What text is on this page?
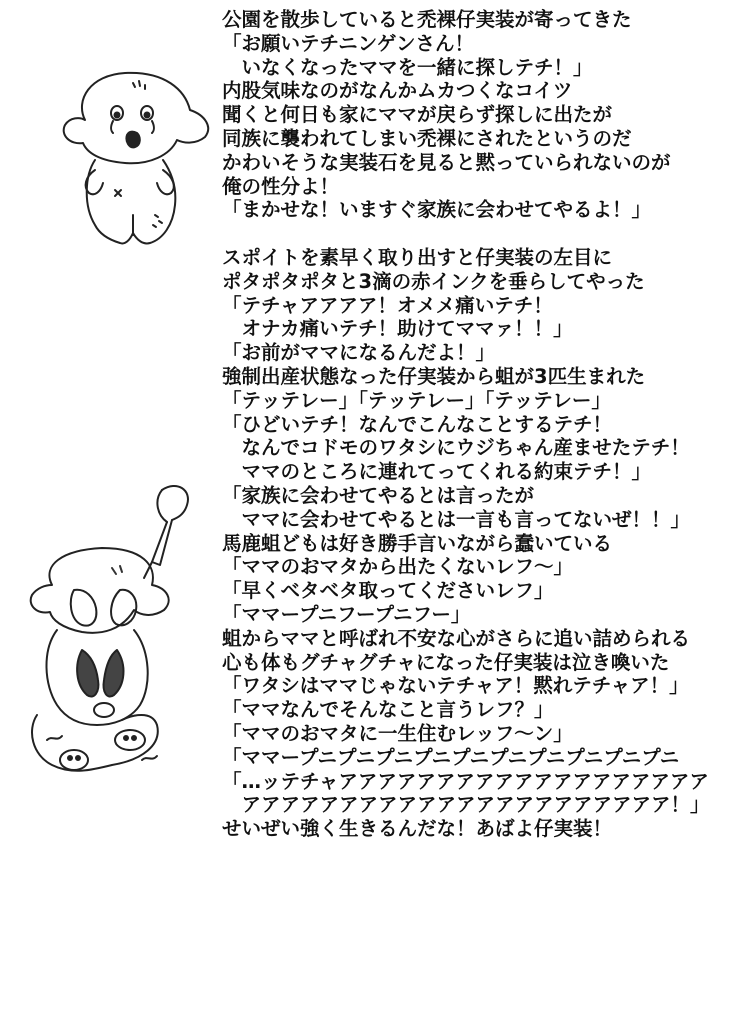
公園を散歩していると禿裸仔実装が寄ってきた
「お願いテチニンゲンさん！
　いなくなったママを一緒に探しテチ！」
内股気味なのがなんかムカつくなコイツ
聞くと何日も家にママが戻らず探しに出たが
同族に襲われてしまい禿裸にされたというのだ
かわいそうな実装石を見ると黙っていられないのが
俺の性分よ！
「まかせな！いますぐ家族に会わせてやるよ！」
スポイトを素早く取り出すと仔実装の左目に
ポタポタポタと3滴の赤インクを垂らしてやった
「テチャアアアア！オメメ痛いテチ！
　オナカ痛いテチ！助けてママァ！！」
「お前がママになるんだよ！」
強制出産状態なった仔実装から蛆が3匹生まれた
「テッテレー」「テッテレー」「テッテレー」
「ひどいテチ！なんでこんなことするテチ！
　なんでコドモのワタシにウジちゃん産ませたテチ！
　ママのところに連れてってくれる約束テチ！」
「家族に会わせてやるとは言ったが
　ママに会わせてやるとは一言も言ってないぜ！！」
馬鹿蛆どもは好き勝手言いながら蠢いている
「ママのおマタから出たくないレフ〜」
「早くベタベタ取ってくださいレフ」
「ママープニフープニフー」
蛆からママと呼ばれ不安な心がさらに追い詰められる
心も体もグチャグチャになった仔実装は泣き喚いた
「ワタシはママじゃないテチャア！黙れテチャア！」
「ママなんでそんなこと言うレフ？」
「ママのおマタに一生住むレッフ〜ン」
「ママープニプニプニプニプニプニプニプニプニプニ
「…ッテチャアアアアアアアアアアアアアアアアアアア
　アアアアアアアアアアアアアアアアアアアアアア！」
せいぜい強く生きるんだな！あばよ仔実装！
